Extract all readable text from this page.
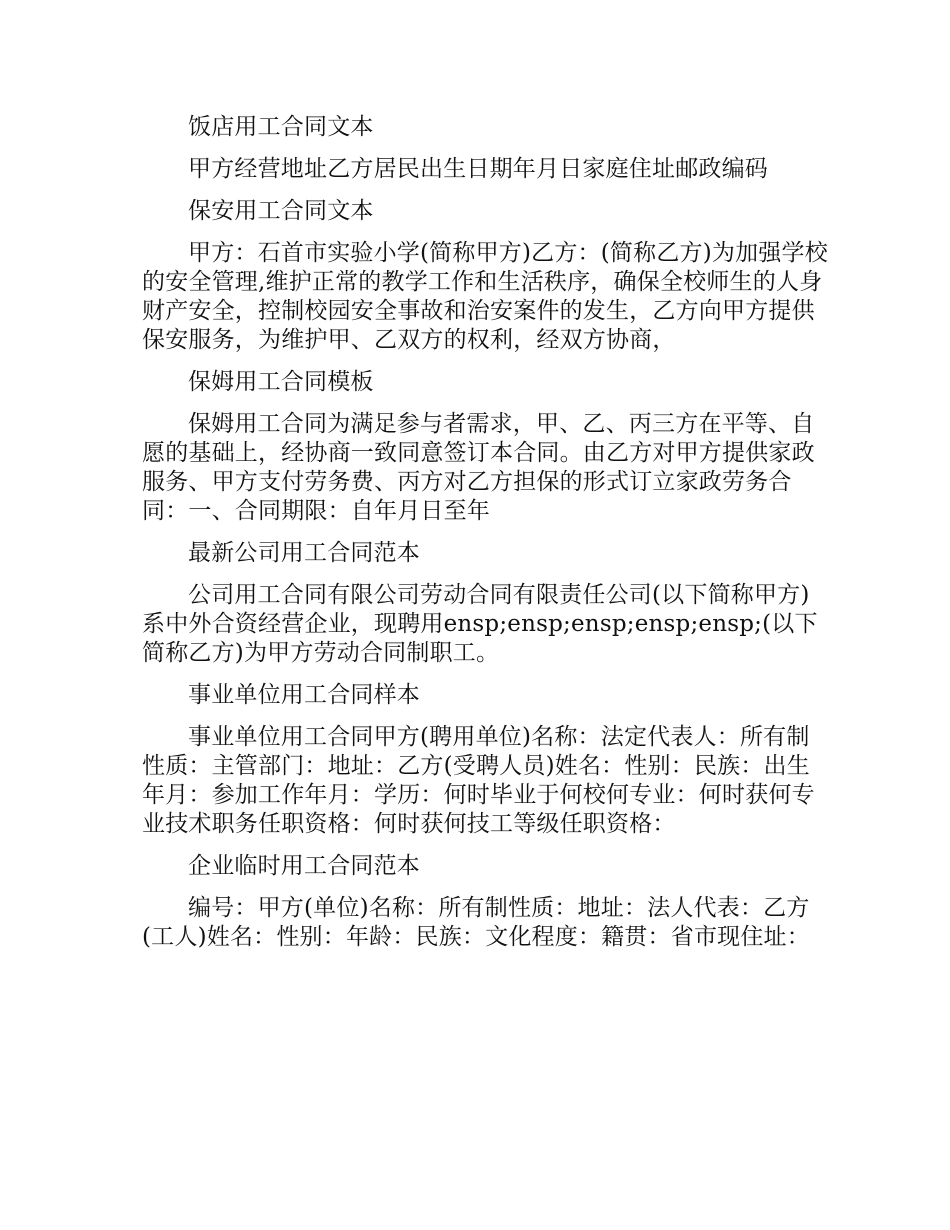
饭店用工合同文本

甲方经营地址乙方居民出生日期年月日家庭住址邮政编码

保安用工合同文本

甲方：石首市实验小学(简称甲方)乙方：(简称乙方)为加强学校的安全管理,维护正常的教学工作和生活秩序，确保全校师生的人身财产安全，控制校园安全事故和治安案件的发生，乙方向甲方提供保安服务，为维护甲、乙双方的权利，经双方协商，

保姆用工合同模板

保姆用工合同为满足参与者需求，甲、乙、丙三方在平等、自愿的基础上，经协商一致同意签订本合同。由乙方对甲方提供家政服务、甲方支付劳务费、丙方对乙方担保的形式订立家政劳务合同：一、合同期限：自年月日至年

最新公司用工合同范本

公司用工合同有限公司劳动合同有限责任公司(以下简称甲方)系中外合资经营企业，现聘用ensp;ensp;ensp;ensp;ensp;(以下简称乙方)为甲方劳动合同制职工。

事业单位用工合同样本

事业单位用工合同甲方(聘用单位)名称：法定代表人：所有制性质：主管部门：地址：乙方(受聘人员)姓名：性别：民族：出生年月：参加工作年月：学历：何时毕业于何校何专业：何时获何专业技术职务任职资格：何时获何技工等级任职资格：

企业临时用工合同范本

编号：甲方(单位)名称：所有制性质：地址：法人代表：乙方(工人)姓名：性别：年龄：民族：文化程度：籍贯：省市现住址：
